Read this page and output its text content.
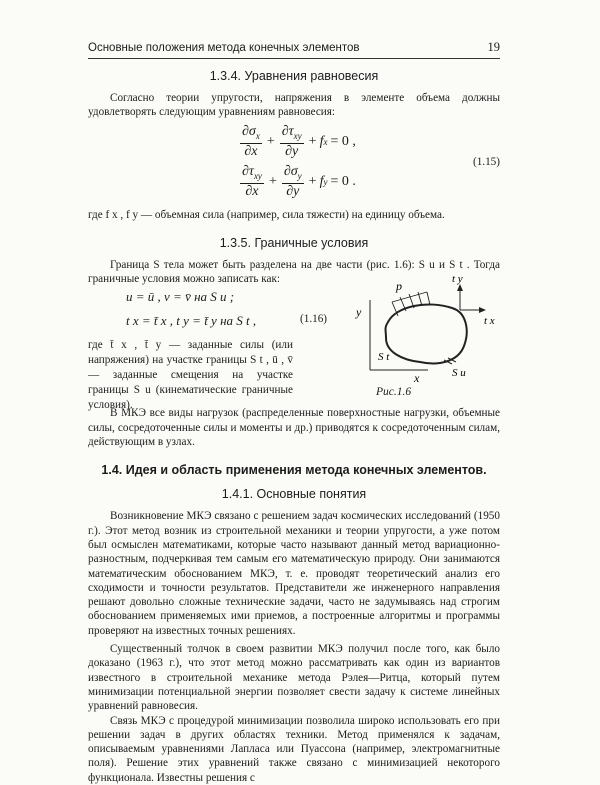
Основные положения метода конечных элементов	19
1.3.4. Уравнения равновесия

Согласно теории упругости, напряжения в элементе объема должны удовлетворять следующим уравнениям равновесия:

$\frac{\partial\sigma_x}{\partial x} + \frac{\partial\tau_{xy}}{\partial y} + f$ x = 0 ,
$\frac{\partial\tau_{xy}}{\partial x} + \frac{\partial\sigma_y}{\partial y} + f$ y = 0 .
(1.15)

где f x , f y — объемная сила (например, сила тяжести) на единицу объема.

1.3.5. Граничные условия

Граница S тела может быть разделена на две части (рис. 1.6): S u и S t . Тогда граничные условия можно записать как:

u = ū , v = v̄ на S u ;
t x = t̄ x , t y = t̄ y на S t ,	(1.16)

где t̄ x , t̄ y — заданные силы (или напряжения) на участке границы S t , ū , v̄ — заданные смещения на участке границы S u (кинематические граничные условия).

p	t y
t x
y
x
S t
S u
Рис.1.6

В МКЭ все виды нагрузок (распределенные поверхностные нагрузки, объемные силы, сосредоточенные силы и моменты и др.) приводятся к сосредоточенным силам, действующим в узлах.

1.4. Идея и область применения метода конечных элементов.
1.4.1. Основные понятия

Возникновение МКЭ связано с решением задач космических исследований (1950 г.). Этот метод возник из строительной механики и теории упругости, а уже потом был осмыслен математиками, которые часто называют данный метод вариационно-разностным, подчеркивая тем самым его математическую природу. Они занимаются математическим обоснованием МКЭ, т. е. проводят теоретический анализ его сходимости и точности результатов. Представители же инженерного направления решают довольно сложные технические задачи, часто не задумываясь над строгим обоснованием применяемых ими приемов, а построенные алгоритмы и программы проверяют на известных точных решениях.

Существенный толчок в своем развитии МКЭ получил после того, как было доказано (1963 г.), что этот метод можно рассматривать как один из вариантов известного в строительной механике метода Рэлея—Ритца, который путем минимизации потенциальной энергии позволяет свести задачу к системе линейных уравнений равновесия.

Связь МКЭ с процедурой минимизации позволила широко использовать его при решении задач в других областях техники. Метод применялся к задачам, описываемым уравнениями Лапласа или Пуассона (например, электромагнитные поля). Решение этих уравнений также связано с минимизацией некоторого функционала. Известны решения с
